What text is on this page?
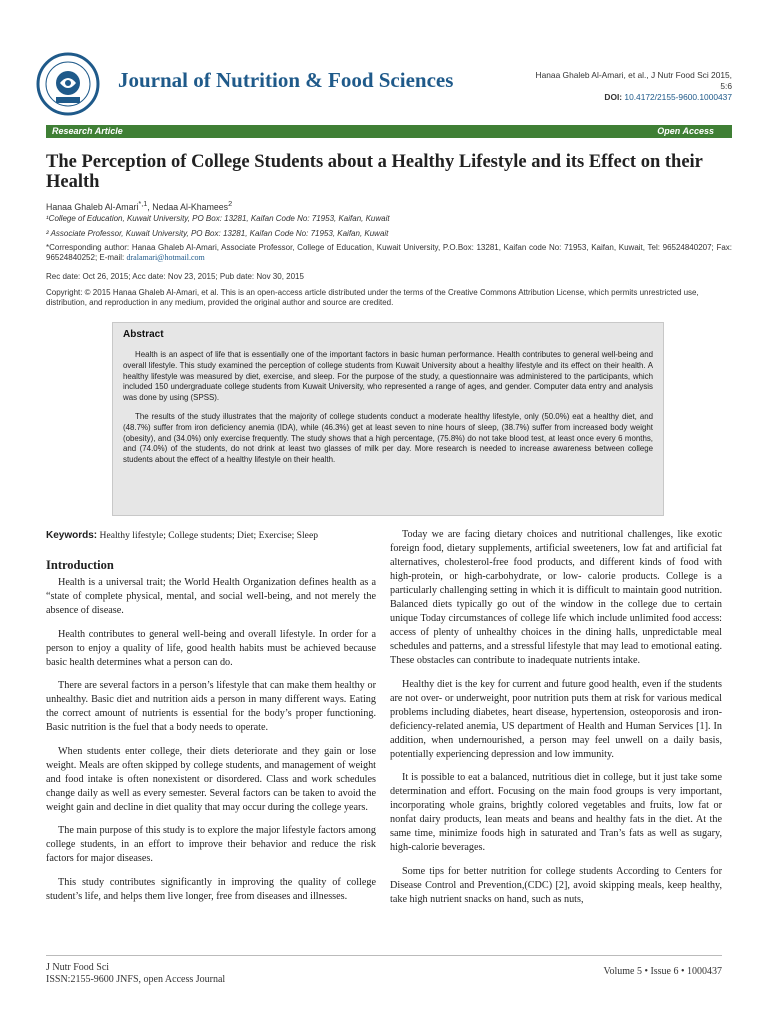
Journal of Nutrition & Food Sciences	Hanaa Ghaleb Al-Amari, et al., J Nutr Food Sci 2015,
5:6
DOI: 10.4172/2155-9600.1000437
Research Article	Open Access
The Perception of College Students about a Healthy Lifestyle and its Effect on their Health
Hanaa Ghaleb Al-Amari$^{*,1}$, Nedaa Al-Khamees$^2$
¹College of Education, Kuwait University, PO Box: 13281, Kaifan Code No: 71953, Kaifan, Kuwait
² Associate Professor, Kuwait University, PO Box: 13281, Kaifan Code No: 71953, Kaifan, Kuwait
*Corresponding author: Hanaa Ghaleb Al-Amari, Associate Professor, College of Education, Kuwait University, P.O.Box: 13281, Kaifan code No: 71953, Kaifan, Kuwait, Tel: 96524840207; Fax: 96524840252; E-mail: dralamari@hotmail.com
Rec date: Oct 26, 2015; Acc date: Nov 23, 2015; Pub date: Nov 30, 2015
Copyright: © 2015 Hanaa Ghaleb Al-Amari, et al. This is an open-access article distributed under the terms of the Creative Commons Attribution License, which permits unrestricted use, distribution, and reproduction in any medium, provided the original author and source are credited.
Abstract

Health is an aspect of life that is essentially one of the important factors in basic human performance. Health contributes to general well-being and overall lifestyle. This study examined the perception of college students from Kuwait University about a healthy lifestyle and its effect on their health. A healthy lifestyle was measured by diet, exercise, and sleep. For the purpose of the study, a questionnaire was administered to the participants, which included 150 undergraduate college students from Kuwait University, who represented a range of ages, and gender. Computer data entry and analysis was done by using (SPSS).

The results of the study illustrates that the majority of college students conduct a moderate healthy lifestyle, only (50.0%) eat a healthy diet, and (48.7%) suffer from iron deficiency anemia (IDA), while (46.3%) get at least seven to nine hours of sleep, (38.7%) suffer from increased body weight (obesity), and (34.0%) only exercise frequently. The study shows that a high percentage, (75.8%) do not take blood test, at least once every 6 months, and (74.0%) of the students, do not drink at least two glasses of milk per day. More research is needed to increase awareness between college students about the effect of a healthy lifestyle on their health.

Keywords: Healthy lifestyle; College students; Diet; Exercise; Sleep
Introduction

Health is a universal trait; the World Health Organization defines health as a “state of complete physical, mental, and social well-being, and not merely the absence of disease.

Health contributes to general well-being and overall lifestyle. In order for a person to enjoy a quality of life, good health habits must be achieved because basic health determines what a person can do.

There are several factors in a person’s lifestyle that can make them healthy or unhealthy. Basic diet and nutrition aids a person in many different ways. Eating the correct amount of nutrients is essential for the body’s proper functioning. Basic nutrition is the fuel that a body needs to operate.

When students enter college, their diets deteriorate and they gain or lose weight. Meals are often skipped by college students, and management of weight and food intake is often nonexistent or disordered. Class and work schedules change daily as well as every semester. Several factors can be taken to avoid the weight gain and decline in diet quality that may occur during the college years.

The main purpose of this study is to explore the major lifestyle factors among college students, in an effort to improve their behavior and reduce the risk factors for major diseases.

This study contributes significantly in improving the quality of college student’s life, and helps them live longer, free from diseases and illnesses.

Today we are facing dietary choices and nutritional challenges, like exotic foreign food, dietary supplements, artificial sweeteners, low fat and artificial fat alternatives, cholesterol-free food products, and different kinds of food with high-protein, or high-carbohydrate, or low- calorie products. College is a particularly challenging setting in which it is difficult to maintain good nutrition. Balanced diets typically go out of the window in the college due to certain unique Today circumstances of college life which include unlimited food access: access of plenty of unhealthy choices in the dining halls, unpredictable meal schedules and patterns, and a stressful lifestyle that may lead to emotional eating. These obstacles can contribute to inadequate nutrients intake.

Healthy diet is the key for current and future good health, even if the students are not over- or underweight, poor nutrition puts them at risk for various medical problems including diabetes, heart disease, hypertension, osteoporosis and iron-deficiency-related anemia, US department of Health and Human Services [1]. In addition, when undernourished, a person may feel unwell on a daily basis, potentially experiencing depression and low immunity.

It is possible to eat a balanced, nutritious diet in college, but it just take some determination and effort. Focusing on the main food groups is very important, incorporating whole grains, brightly colored vegetables and fruits, low fat or nonfat dairy products, lean meats and beans and healthy fats in the diet. At the same time, minimize foods high in saturated and Tran’s fats as well as sugary, high-calorie beverages.

Some tips for better nutrition for college students According to Centers for Disease Control and Prevention,(CDC) [2], avoid skipping meals, keep healthy, take high nutrient snacks on hand, such as nuts,

J Nutr Food Sci
ISSN:2155-9600 JNFS, open Access Journal
Volume 5 • Issue 6 • 1000437
